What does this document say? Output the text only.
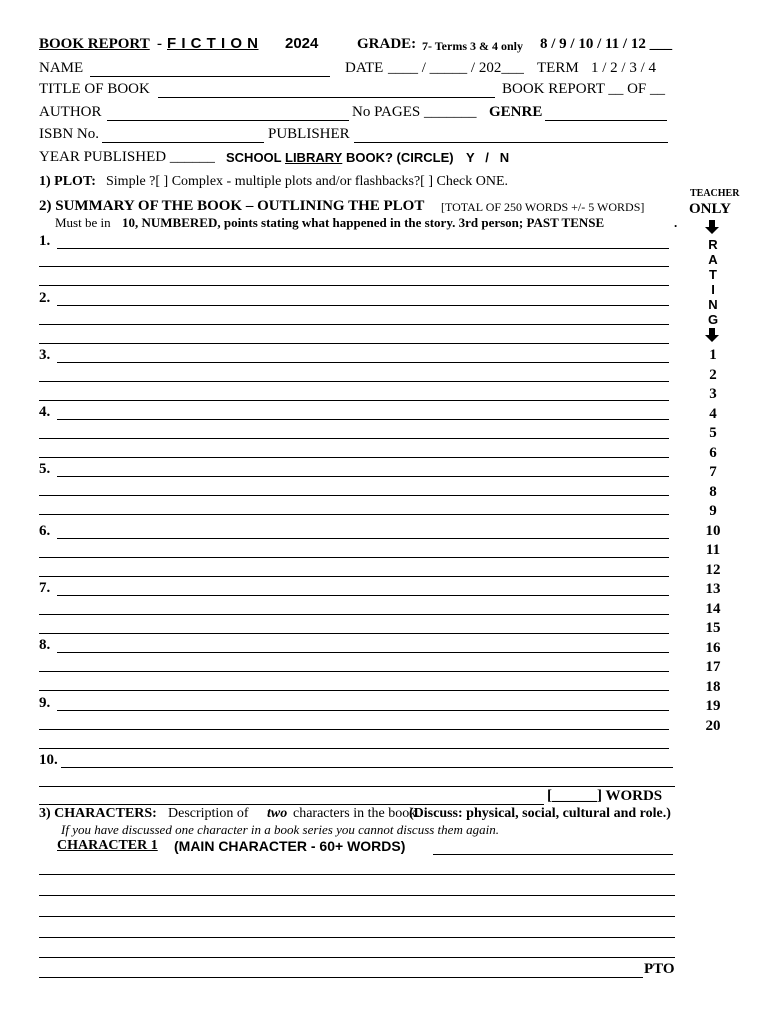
BOOK REPORT - F I C T I O N 2024	GRADE: 7- Terms 3 & 4 only 8 / 9 / 10 / 11 / 12 ___
NAME	DATE ____ / _____ / 202___ TERM 1 / 2 / 3 / 4
TITLE OF BOOK	BOOK REPORT __ OF __
AUTHOR	No PAGES _______ GENRE
ISBN No.	PUBLISHER
YEAR PUBLISHED ______ SCHOOL LIBRARY BOOK? (CIRCLE) Y   /   N
1) PLOT: Simple ?[ ] Complex - multiple plots and/or flashbacks?[ ] Check ONE.
2) SUMMARY OF THE BOOK – OUTLINING THE PLOT [TOTAL OF 250 WORDS +/- 5 WORDS]
Must be in 10, NUMBERED, points stating what happened in the story. 3rd person; PAST TENSE	.
TEACHER
ONLY
R
A
T
I
N
G
1
2
3
4
5
6
7
8
9
10
11
12
13
14
15
16
17
18
19
20
1.
2.
3.
4.
5.
6.
7.
8.
9.
10.
[______] WORDS
3) CHARACTERS: Description of two characters in the book.
(Discuss: physical, social, cultural and role.)
If you have discussed one character in a book series you cannot discuss them again.
CHARACTER 1 (MAIN CHARACTER - 60+ WORDS)
PTO
